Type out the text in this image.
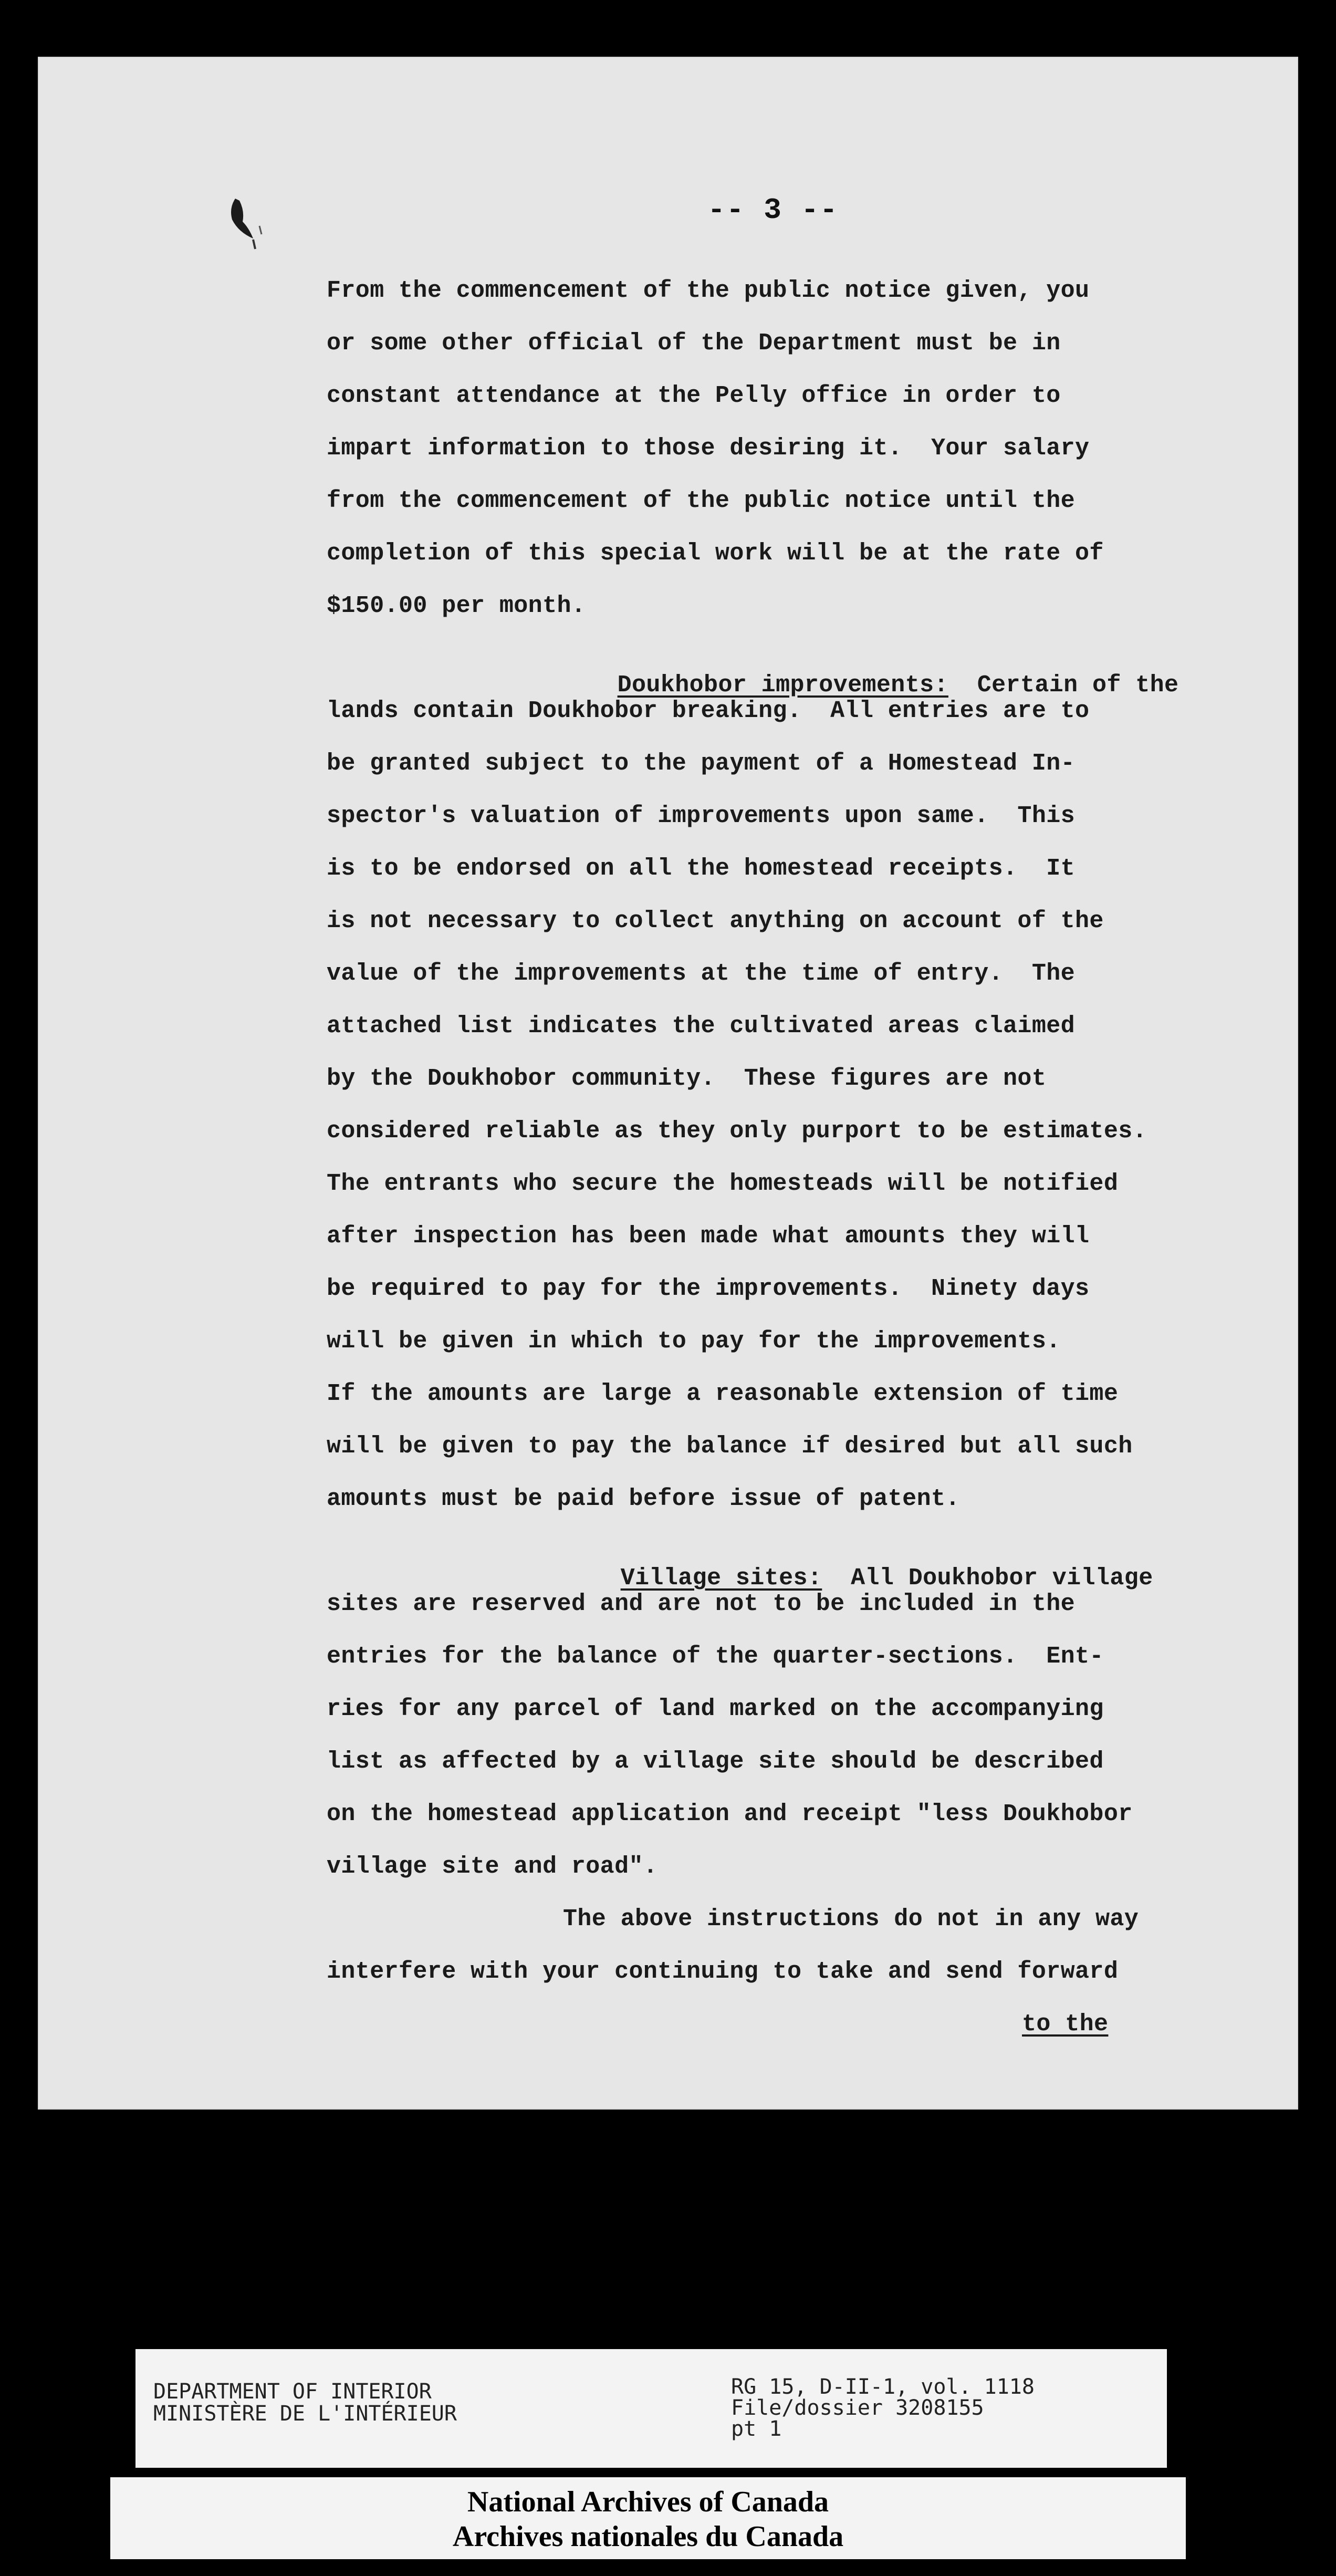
-- 3 --
From the commencement of the public notice given, you
or some other official of the Department must be in
constant attendance at the Pelly office in order to
impart information to those desiring it.  Your salary
from the commencement of the public notice until the
completion of this special work will be at the rate of
$150.00 per month.

Doukhobor improvements:  Certain of the

lands contain Doukhobor breaking.  All entries are to
be granted subject to the payment of a Homestead In-
spector's valuation of improvements upon same.  This
is to be endorsed on all the homestead receipts.  It
is not necessary to collect anything on account of the
value of the improvements at the time of entry.  The
attached list indicates the cultivated areas claimed
by the Doukhobor community.  These figures are not
considered reliable as they only purport to be estimates.
The entrants who secure the homesteads will be notified
after inspection has been made what amounts they will
be required to pay for the improvements.  Ninety days
will be given in which to pay for the improvements.
If the amounts are large a reasonable extension of time
will be given to pay the balance if desired but all such
amounts must be paid before issue of patent.

Village sites:  All Doukhobor village

sites are reserved and are not to be included in the
entries for the balance of the quarter-sections.  Ent-
ries for any parcel of land marked on the accompanying
list as affected by a village site should be described
on the homestead application and receipt "less Doukhobor
village site and road".
The above instructions do not in any way
interfere with your continuing to take and send forward
to the
DEPARTMENT OF INTERIOR
MINISTÈRE DE L'INTÉRIEUR
RG 15, D-II-1, vol. 1118
File/dossier 3208155
pt 1
National Archives of Canada
Archives nationales du Canada
